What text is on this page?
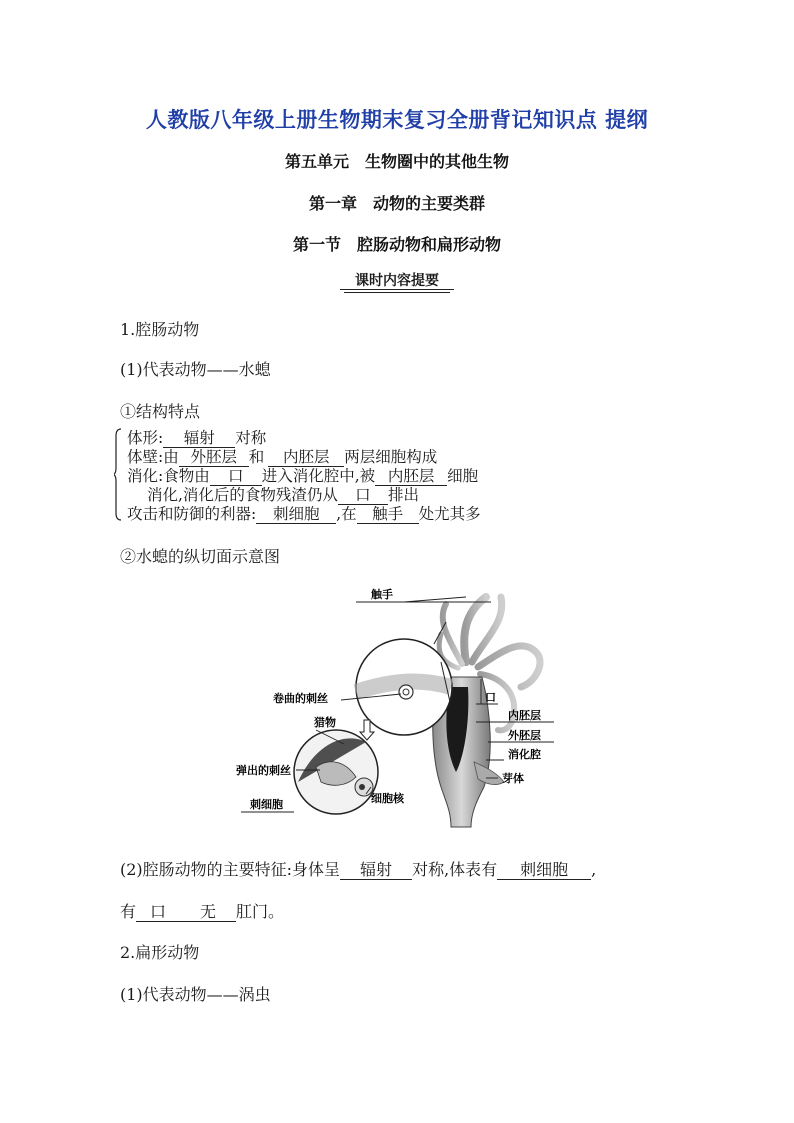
人教版八年级上册生物期末复习全册背记知识点 提纲
第五单元　生物圈中的其他生物
第一章　动物的主要类群
第一节　腔肠动物和扁形动物
课时内容提要
1.腔肠动物
(1)代表动物——水螅
①结构特点
体形: 辐射 对称
体壁:由 外胚层 和 内胚层 两层细胞构成
消化:食物由 口 进入消化腔中,被 内胚层 细胞
消化,消化后的食物残渣仍从 口 排出
攻击和防御的利器: 刺细胞 ,在 触手 处尤其多
②水螅的纵切面示意图
触手
卷曲的刺丝
猎物
口
内胚层
外胚层
消化腔
芽体
弹出的刺丝
细胞核
刺细胞
(2)腔肠动物的主要特征:身体呈 辐射 对称,体表有 刺细胞 ,
有 口 无 肛门。
2.扁形动物
(1)代表动物——涡虫
